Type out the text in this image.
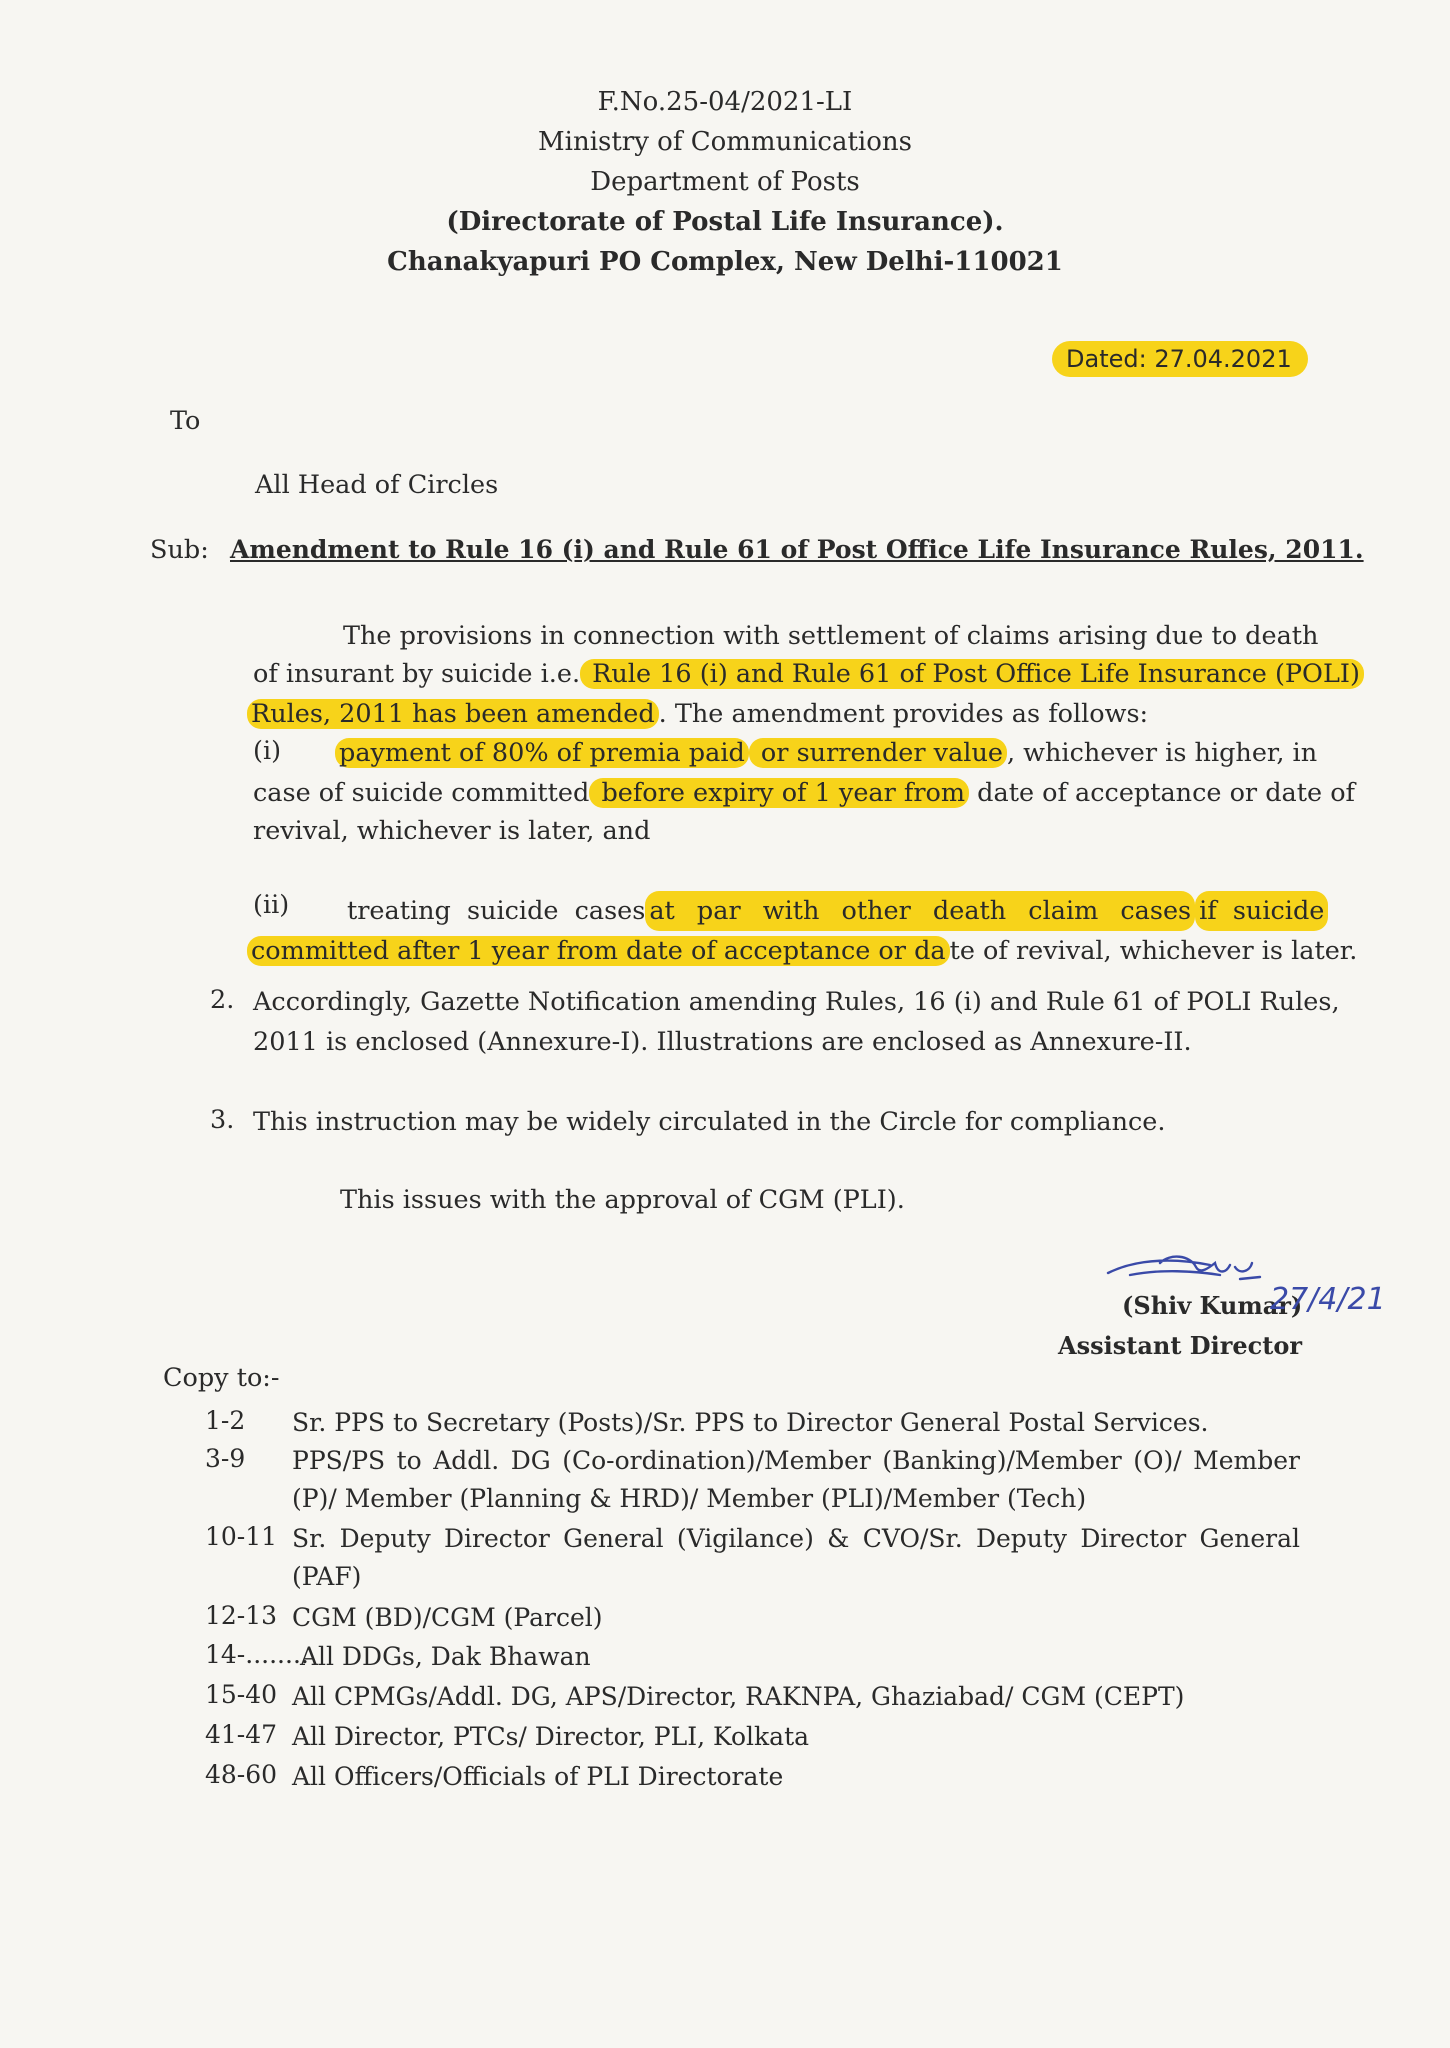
F.No.25-04/2021-LI
Ministry of Communications
Department of Posts
(Directorate of Postal Life Insurance).
Chanakyapuri PO Complex, New Delhi-110021
Dated: 27.04.2021
To
All Head of Circles
Sub: Amendment to Rule 16 (i) and Rule 61 of Post Office Life Insurance Rules, 2011.
The provisions in connection with settlement of claims arising due to death
of insurant by suicide i.e. Rule 16 (i) and Rule 61 of Post Office Life Insurance (POLI)
Rules, 2011 has been amended . The amendment provides as follows:
(i) payment of 80% of premia paid or surrender value , whichever is higher, in
case of suicide committed before expiry of 1 year from date of acceptance or date of
revival, whichever is later, and
(ii) treating suicide cases at par with other death claim cases if suicide
committed after 1 year from date of acceptance or da te of revival, whichever is later.
2. Accordingly, Gazette Notification amending Rules, 16 (i) and Rule 61 of POLI Rules,
2011 is enclosed (Annexure-I). Illustrations are enclosed as Annexure-II.
3. This instruction may be widely circulated in the Circle for compliance.
This issues with the approval of CGM (PLI).
(Shiv Kumar)
27/4/21
Assistant Director
Copy to:-
1-2 Sr. PPS to Secretary (Posts)/Sr. PPS to Director General Postal Services.
3-9 PPS/PS to Addl. DG (Co-ordination)/Member (Banking)/Member (O)/ Member
(P)/ Member (Planning & HRD)/ Member (PLI)/Member (Tech)
10-11 Sr. Deputy Director General (Vigilance) & CVO/Sr. Deputy Director General
(PAF)
12-13 CGM (BD)/CGM (Parcel)
14-........
All DDGs, Dak Bhawan
15-40 All CPMGs/Addl. DG, APS/Director, RAKNPA, Ghaziabad/ CGM (CEPT)
41-47 All Director, PTCs/ Director, PLI, Kolkata
48-60 All Officers/Officials of PLI Directorate
